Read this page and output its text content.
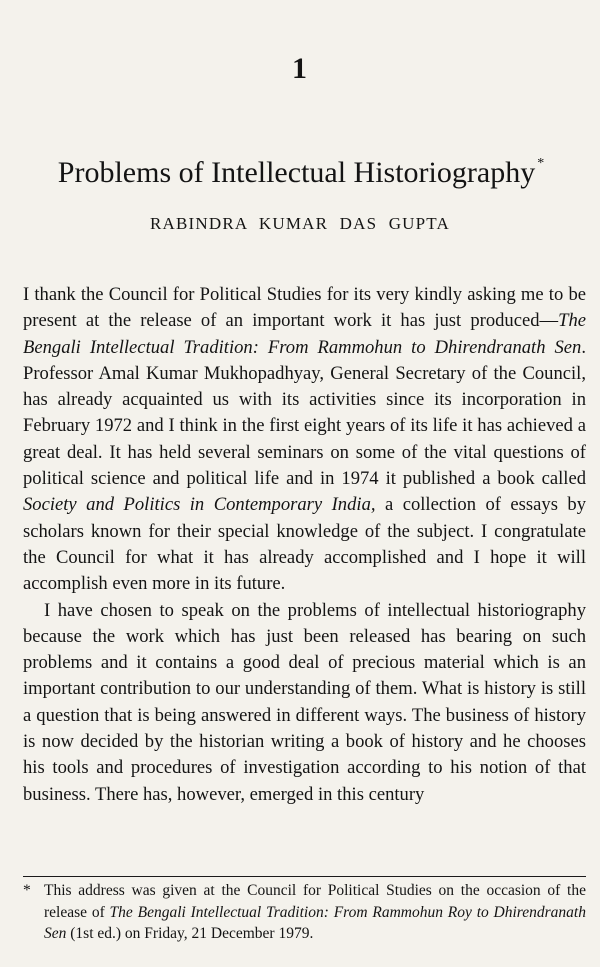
1
Problems of Intellectual Historiography *
RABINDRA KUMAR DAS GUPTA

I thank the Council for Political Studies for its very kindly asking me to be present at the release of an important work it has just produced—The Bengali Intellectual Tradition: From Rammohun to Dhirendranath Sen. Professor Amal Kumar Mukhopadhyay, General Secretary of the Council, has already acquainted us with its activities since its incorporation in February 1972 and I think in the first eight years of its life it has achieved a great deal. It has held several seminars on some of the vital questions of political science and political life and in 1974 it published a book called Society and Politics in Contemporary India, a collection of essays by scholars known for their special knowledge of the subject. I congratulate the Council for what it has already accomplished and I hope it will accomplish even more in its future.

I have chosen to speak on the problems of intellectual historiography because the work which has just been released has bearing on such problems and it contains a good deal of precious material which is an important contribution to our understanding of them. What is history is still a question that is being answered in different ways. The business of history is now decided by the historian writing a book of history and he chooses his tools and procedures of investigation according to his notion of that business. There has, however, emerged in this century

* This address was given at the Council for Political Studies on the occasion of the release of The Bengali Intellectual Tradition: From Rammohun Roy to Dhirendranath Sen (1st ed.) on Friday, 21 December 1979.
